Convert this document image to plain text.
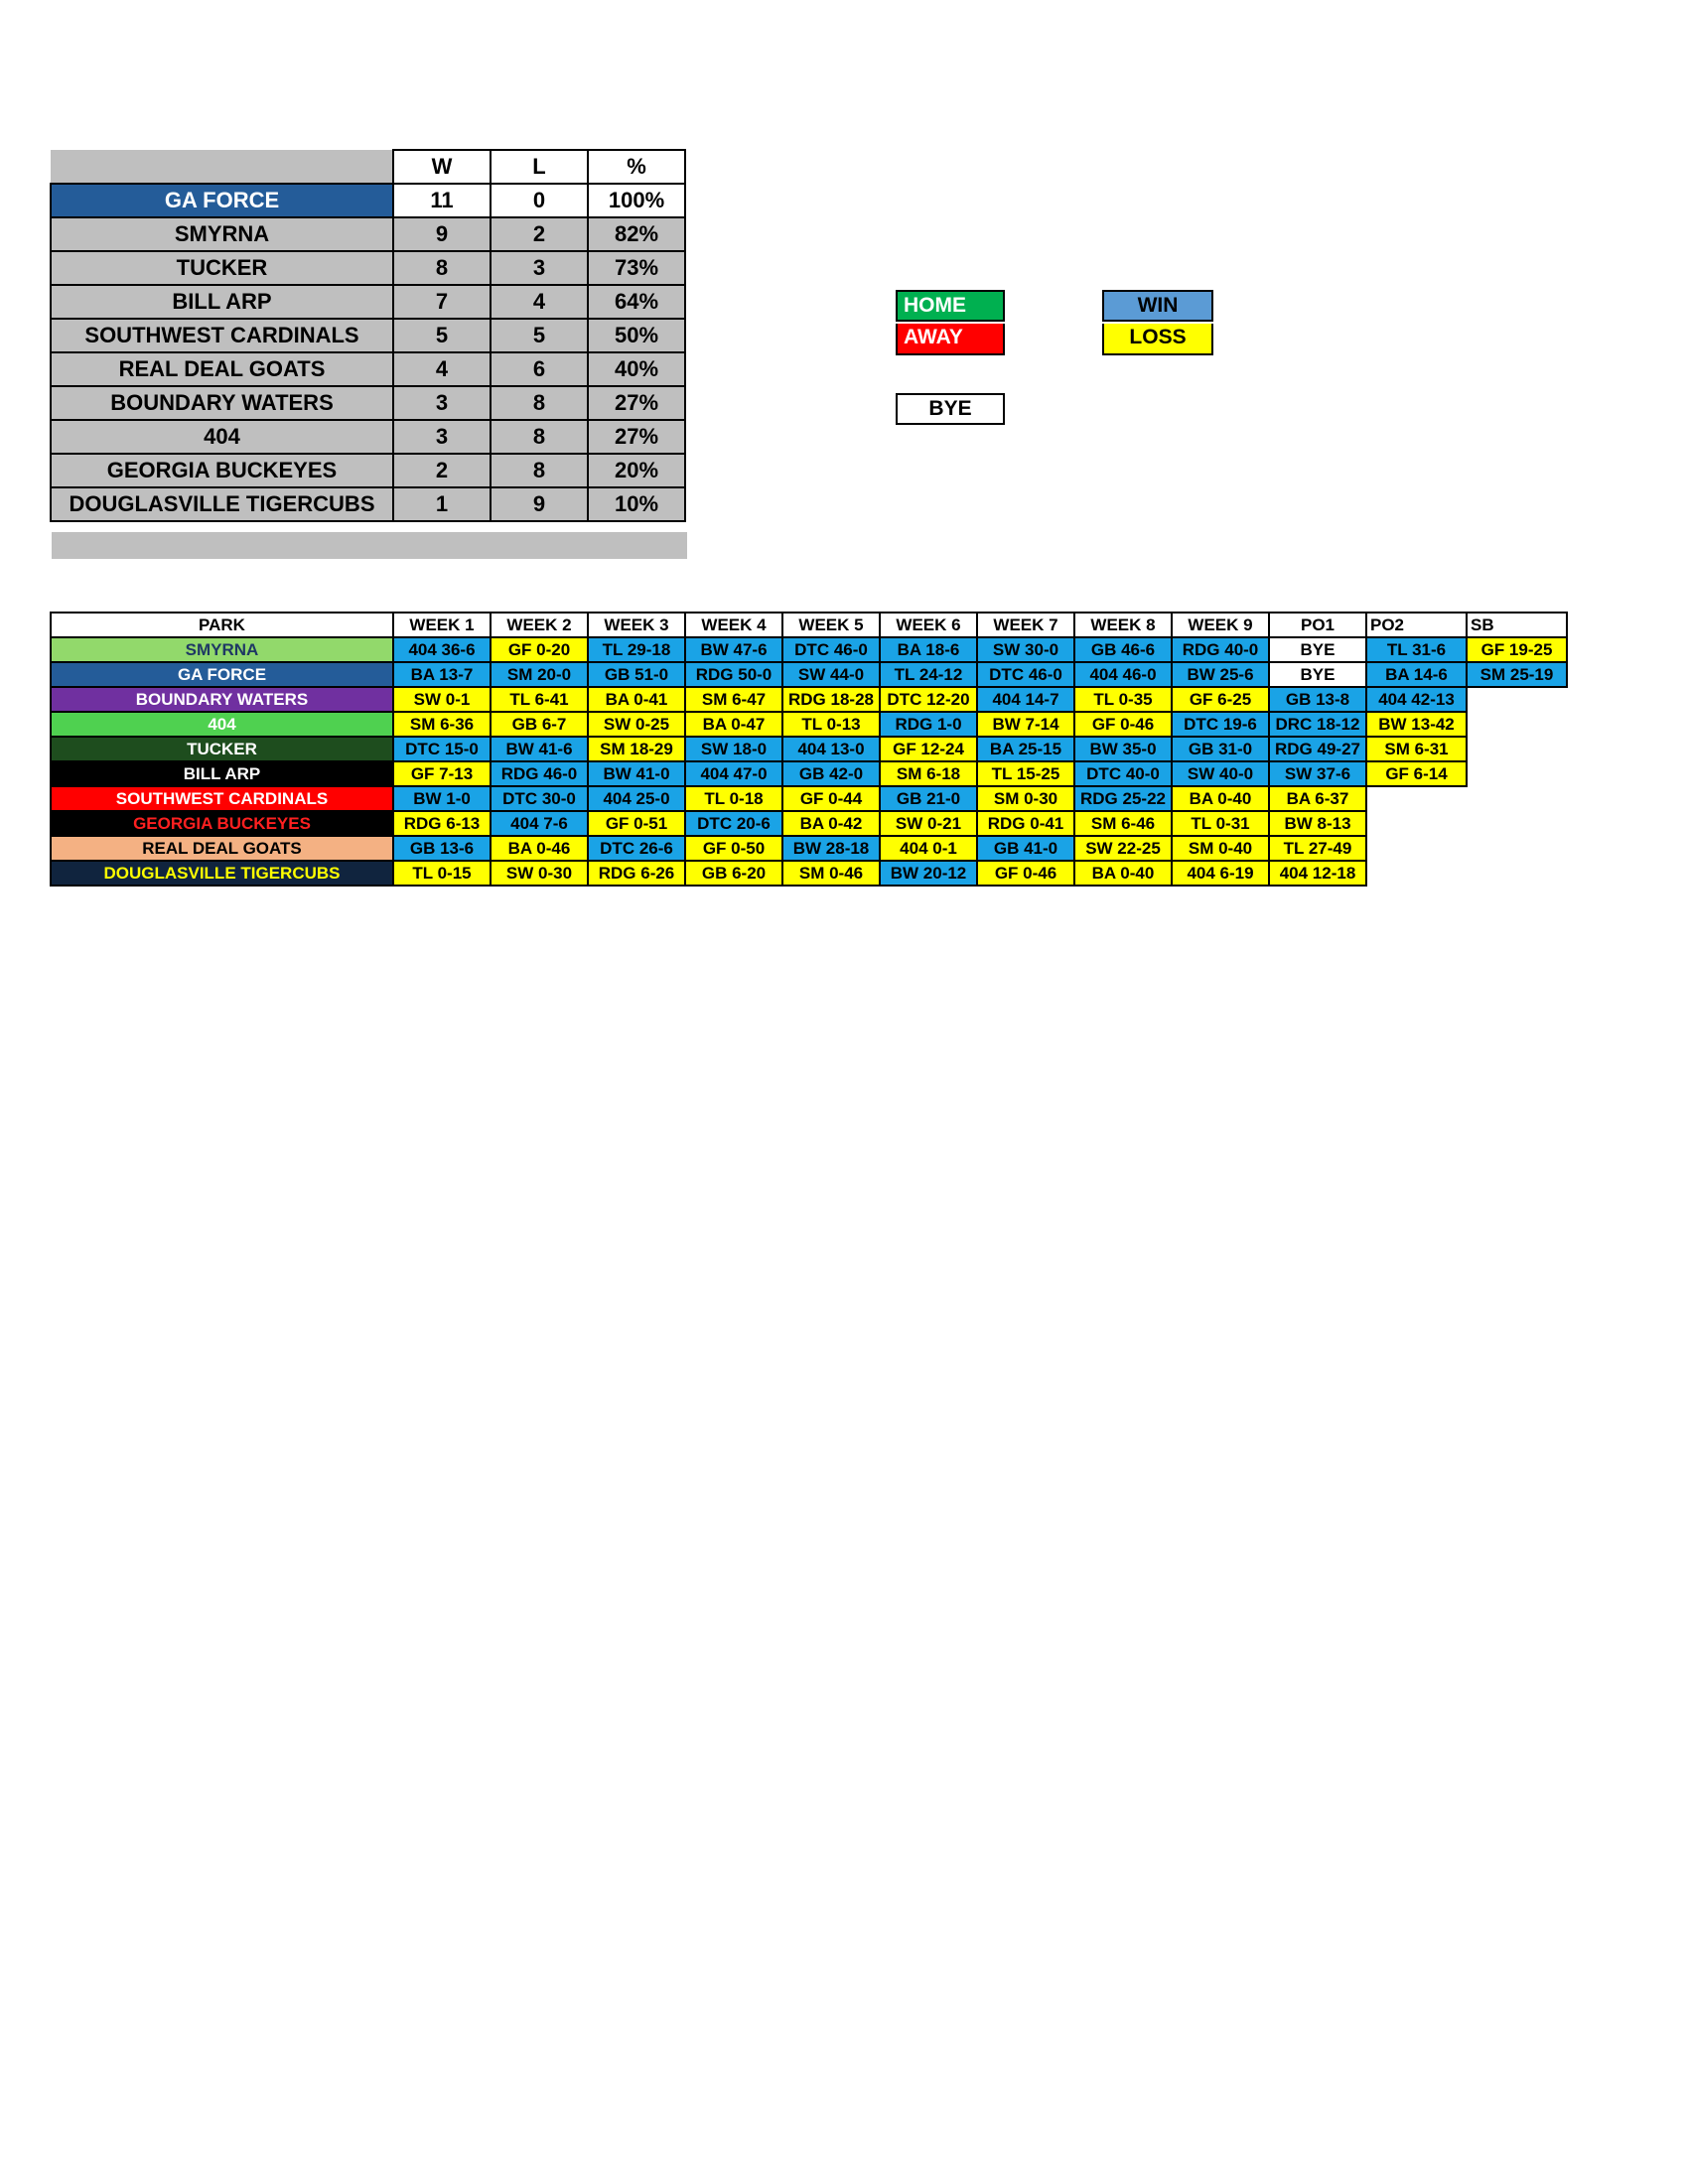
	W	L	%
GA FORCE	11	0	100%
SMYRNA	9	2	82%
TUCKER	8	3	73%
BILL ARP	7	4	64%
SOUTHWEST CARDINALS	5	5	50%
REAL DEAL GOATS	4	6	40%
BOUNDARY WATERS	3	8	27%
404	3	8	27%
GEORGIA BUCKEYES	2	8	20%
DOUGLASVILLE TIGERCUBS	1	9	10%
HOME
AWAY
WIN
LOSS
BYE
PARK	WEEK 1	WEEK 2	WEEK 3	WEEK 4	WEEK 5	WEEK 6	WEEK 7	WEEK 8	WEEK 9	PO1	PO2	SB
SMYRNA	404 36-6	GF 0-20	TL 29-18	BW 47-6	DTC 46-0	BA 18-6	SW 30-0	GB 46-6	RDG 40-0	BYE	TL 31-6	GF 19-25
GA FORCE	BA 13-7	SM 20-0	GB 51-0	RDG 50-0	SW 44-0	TL 24-12	DTC 46-0	404 46-0	BW 25-6	BYE	BA 14-6	SM 25-19
BOUNDARY WATERS	SW 0-1	TL 6-41	BA 0-41	SM 6-47	RDG 18-28	DTC 12-20	404 14-7	TL 0-35	GF 6-25	GB 13-8	404 42-13	
404	SM 6-36	GB 6-7	SW 0-25	BA 0-47	TL 0-13	RDG 1-0	BW 7-14	GF 0-46	DTC 19-6	DRC 18-12	BW 13-42	
TUCKER	DTC 15-0	BW 41-6	SM 18-29	SW 18-0	404 13-0	GF 12-24	BA 25-15	BW 35-0	GB 31-0	RDG 49-27	SM 6-31	
BILL ARP	GF 7-13	RDG 46-0	BW 41-0	404 47-0	GB 42-0	SM 6-18	TL 15-25	DTC 40-0	SW 40-0	SW 37-6	GF 6-14	
SOUTHWEST CARDINALS	BW 1-0	DTC 30-0	404 25-0	TL 0-18	GF 0-44	GB 21-0	SM 0-30	RDG 25-22	BA 0-40	BA 6-37		
GEORGIA BUCKEYES	RDG 6-13	404 7-6	GF 0-51	DTC 20-6	BA 0-42	SW 0-21	RDG 0-41	SM 6-46	TL 0-31	BW 8-13		
REAL DEAL GOATS	GB 13-6	BA 0-46	DTC 26-6	GF 0-50	BW 28-18	404 0-1	GB 41-0	SW 22-25	SM 0-40	TL 27-49		
DOUGLASVILLE TIGERCUBS	TL 0-15	SW 0-30	RDG 6-26	GB 6-20	SM 0-46	BW 20-12	GF 0-46	BA 0-40	404 6-19	404 12-18		
